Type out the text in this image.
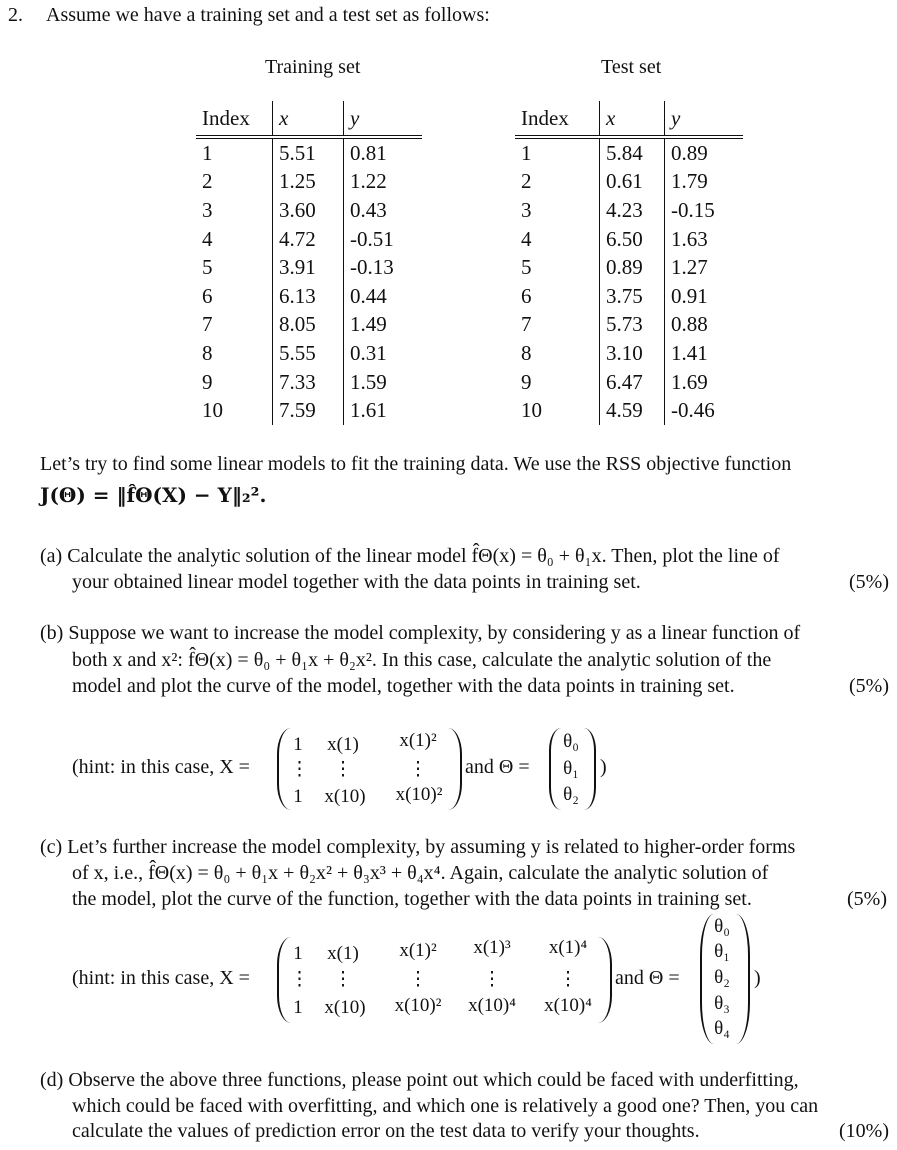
2. Assume we have a training set and a test set as follows:
Training set	Test set
Index	x	y
1	5.51	0.81
2	1.25	1.22
3	3.60	0.43
4	4.72	-0.51
5	3.91	-0.13
6	6.13	0.44
7	8.05	1.49
8	5.55	0.31
9	7.33	1.59
10	7.59	1.61
Index	x	y
1	5.84	0.89
2	0.61	1.79
3	4.23	-0.15
4	6.50	1.63
5	0.89	1.27
6	3.75	0.91
7	5.73	0.88
8	3.10	1.41
9	6.47	1.69
10	4.59	-0.46
Let’s try to find some linear models to fit the training data. We use the RSS objective function
J(Θ) = ‖f̂Θ(X) − Y‖₂².
(a) Calculate the analytic solution of the linear model f̂Θ(x) = θ₀ + θ₁x. Then, plot the line of
your obtained linear model together with the data points in training set.	(5%)
(b) Suppose we want to increase the model complexity, by considering y as a linear function of
both x and x²: f̂Θ(x) = θ₀ + θ₁x + θ₂x². In this case, calculate the analytic solution of the
model and plot the curve of the model, together with the data points in training set.	(5%)
(hint: in this case, X =
1	x(1)	x(1)²
⋮	⋮	⋮
1	x(10)	x(10)²
and Θ =
θ₀
θ₁
θ₂
)
(c) Let’s further increase the model complexity, by assuming y is related to higher-order forms
of x, i.e., f̂Θ(x) = θ₀ + θ₁x + θ₂x² + θ₃x³ + θ₄x⁴. Again, calculate the analytic solution of
the model, plot the curve of the function, together with the data points in training set.	(5%)
(hint: in this case, X =
1	x(1)	x(1)²	x(1)³	x(1)⁴
⋮	⋮	⋮	⋮	⋮
1	x(10)	x(10)²	x(10)⁴	x(10)⁴
and Θ =
θ₀
θ₁
θ₂
θ₃
θ₄
)
(d) Observe the above three functions, please point out which could be faced with underfitting,
which could be faced with overfitting, and which one is relatively a good one? Then, you can
calculate the values of prediction error on the test data to verify your thoughts.	(10%)
